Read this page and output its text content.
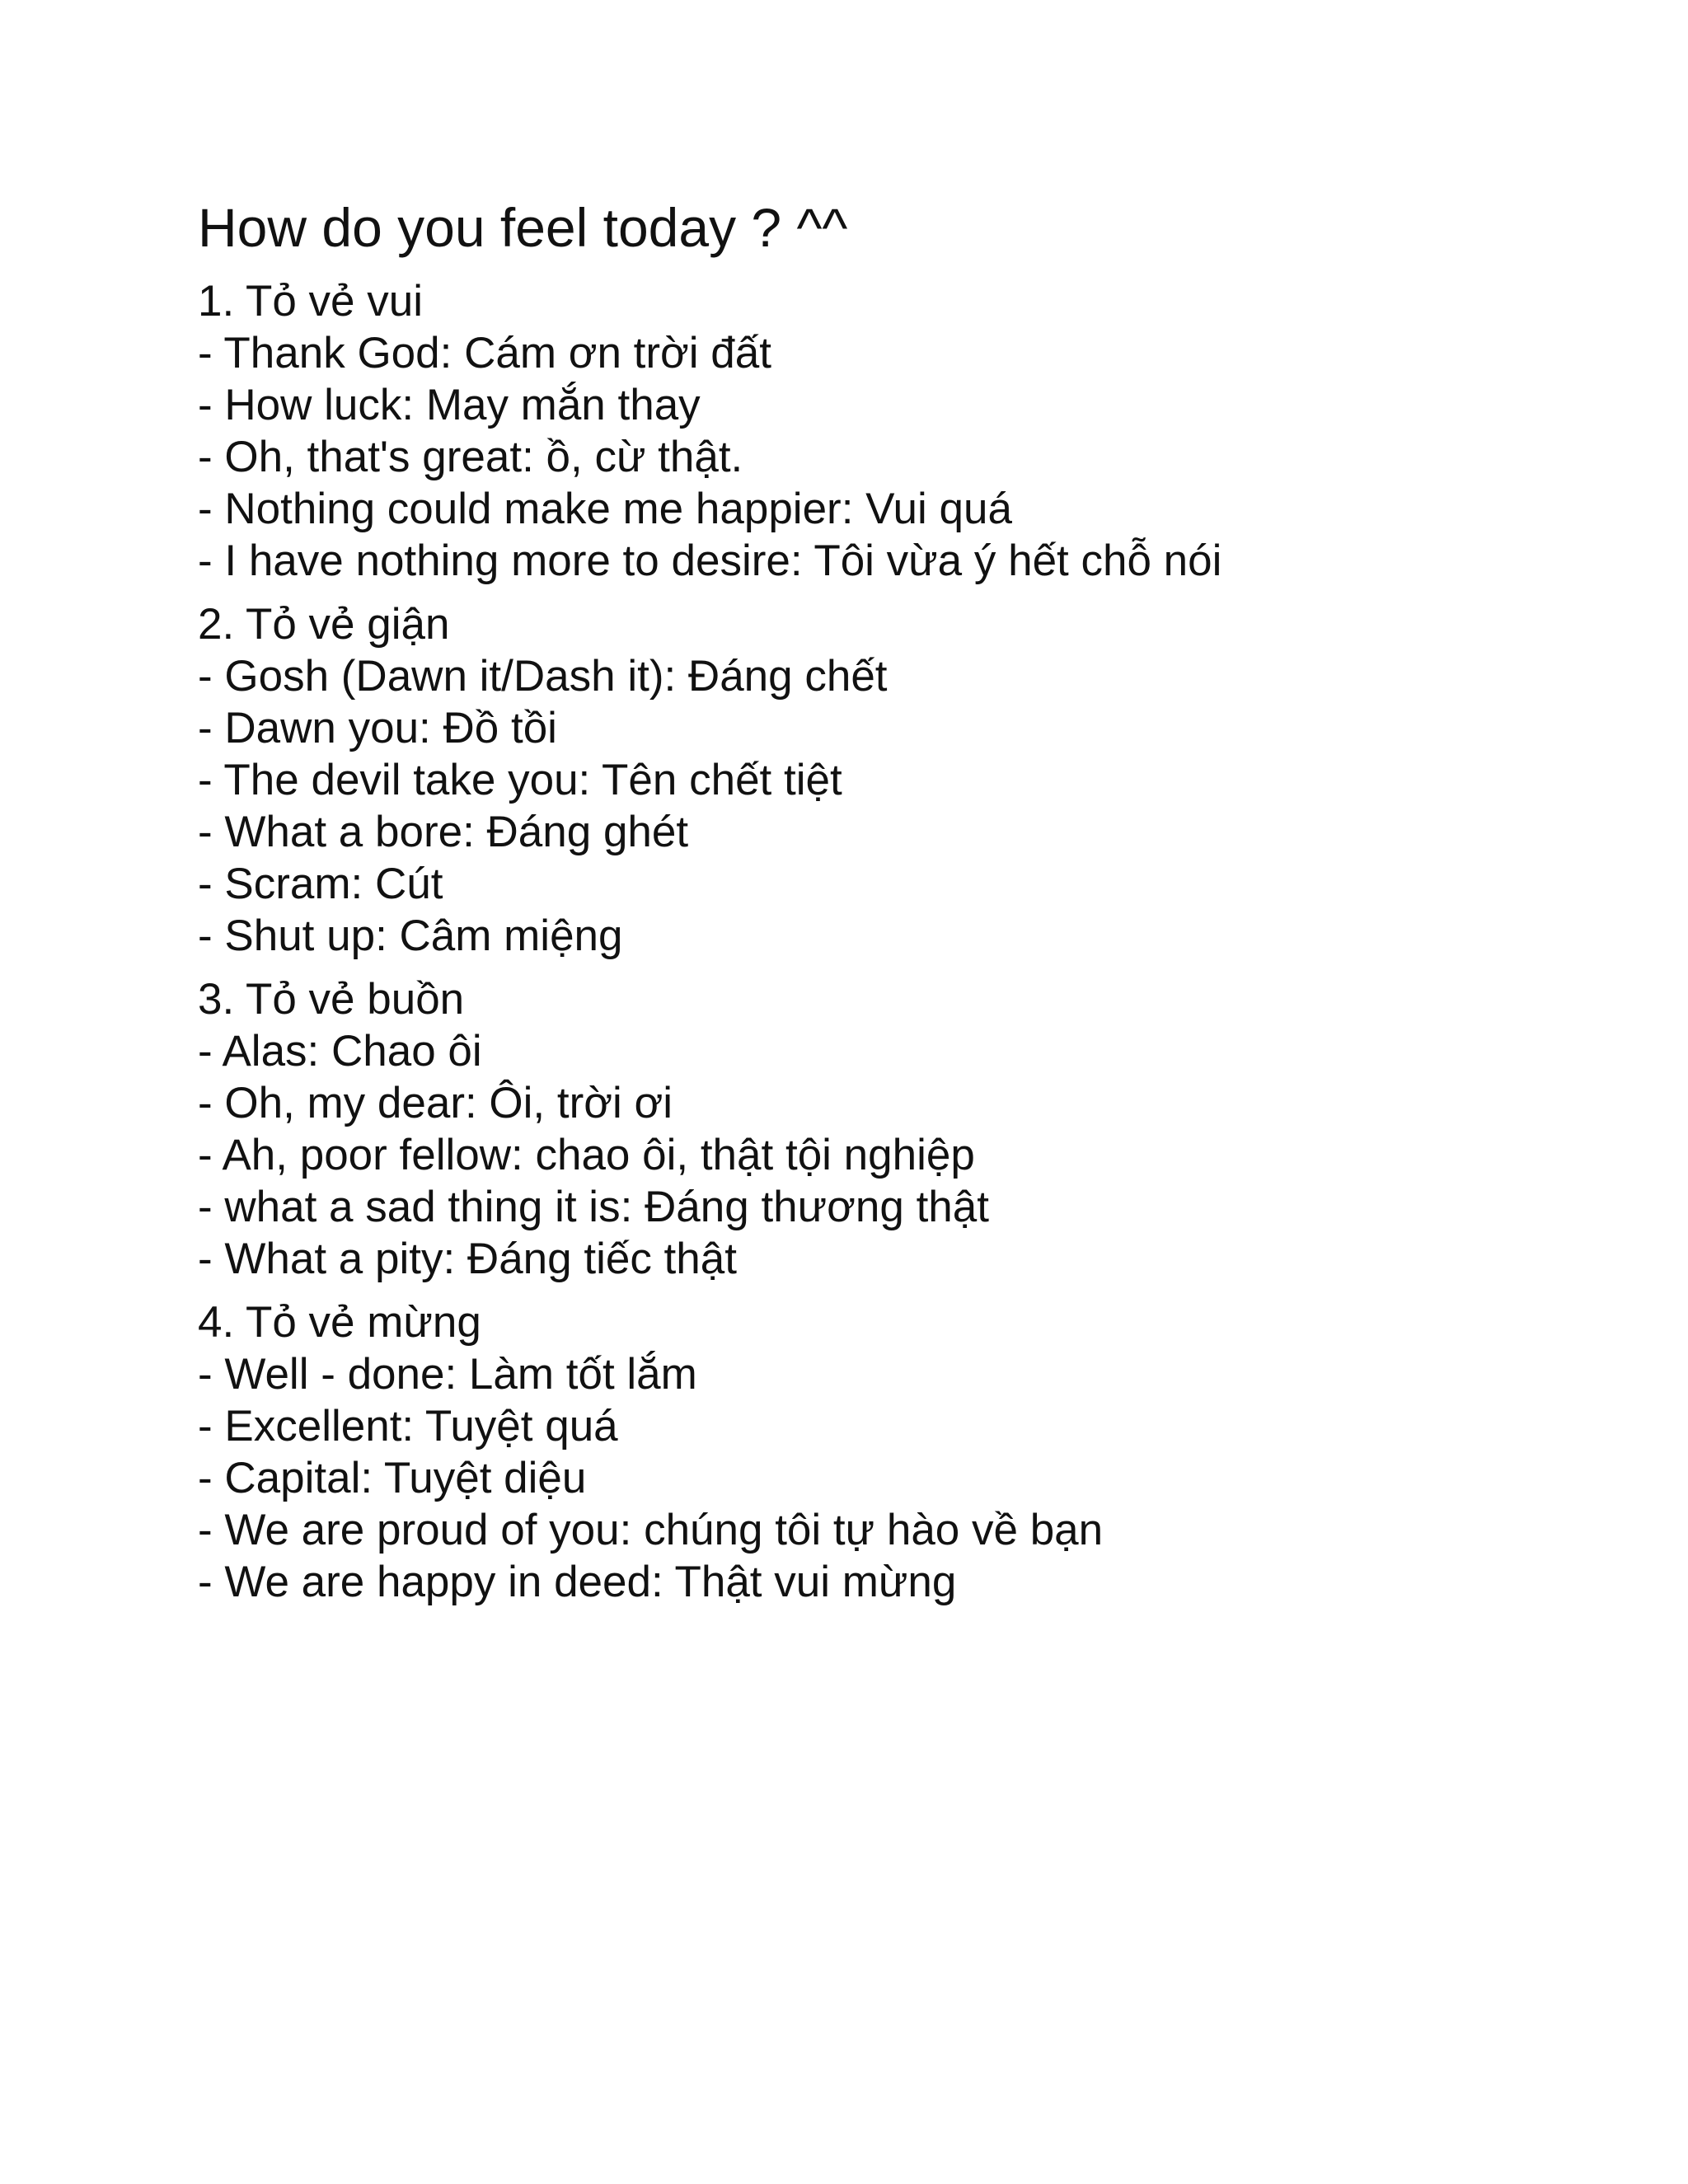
How do you feel today ? ^^
1. Tỏ vẻ vui
- Thank God: Cám ơn trời đất
- How luck: May mắn thay
- Oh, that's great: ồ, cừ thật.
- Nothing could make me happier: Vui quá
- I have nothing more to desire: Tôi vừa ý hết chỗ nói
2. Tỏ vẻ giận
- Gosh (Dawn it/Dash it): Đáng chết
- Dawn you: Đồ tồi
- The devil take you: Tên chết tiệt
- What a bore: Đáng ghét
- Scram: Cút
- Shut up: Câm miệng
3. Tỏ vẻ buồn
- Alas: Chao ôi
- Oh, my dear: Ôi, trời ơi
- Ah, poor fellow: chao ôi, thật tội nghiệp
- what a sad thing it is: Đáng thương thật
- What a pity: Đáng tiếc thật
4. Tỏ vẻ mừng
- Well - done: Làm tốt lắm
- Excellent: Tuyệt quá
- Capital: Tuyệt diệu
- We are proud of you: chúng tôi tự hào về bạn
- We are happy in deed: Thật vui mừng
